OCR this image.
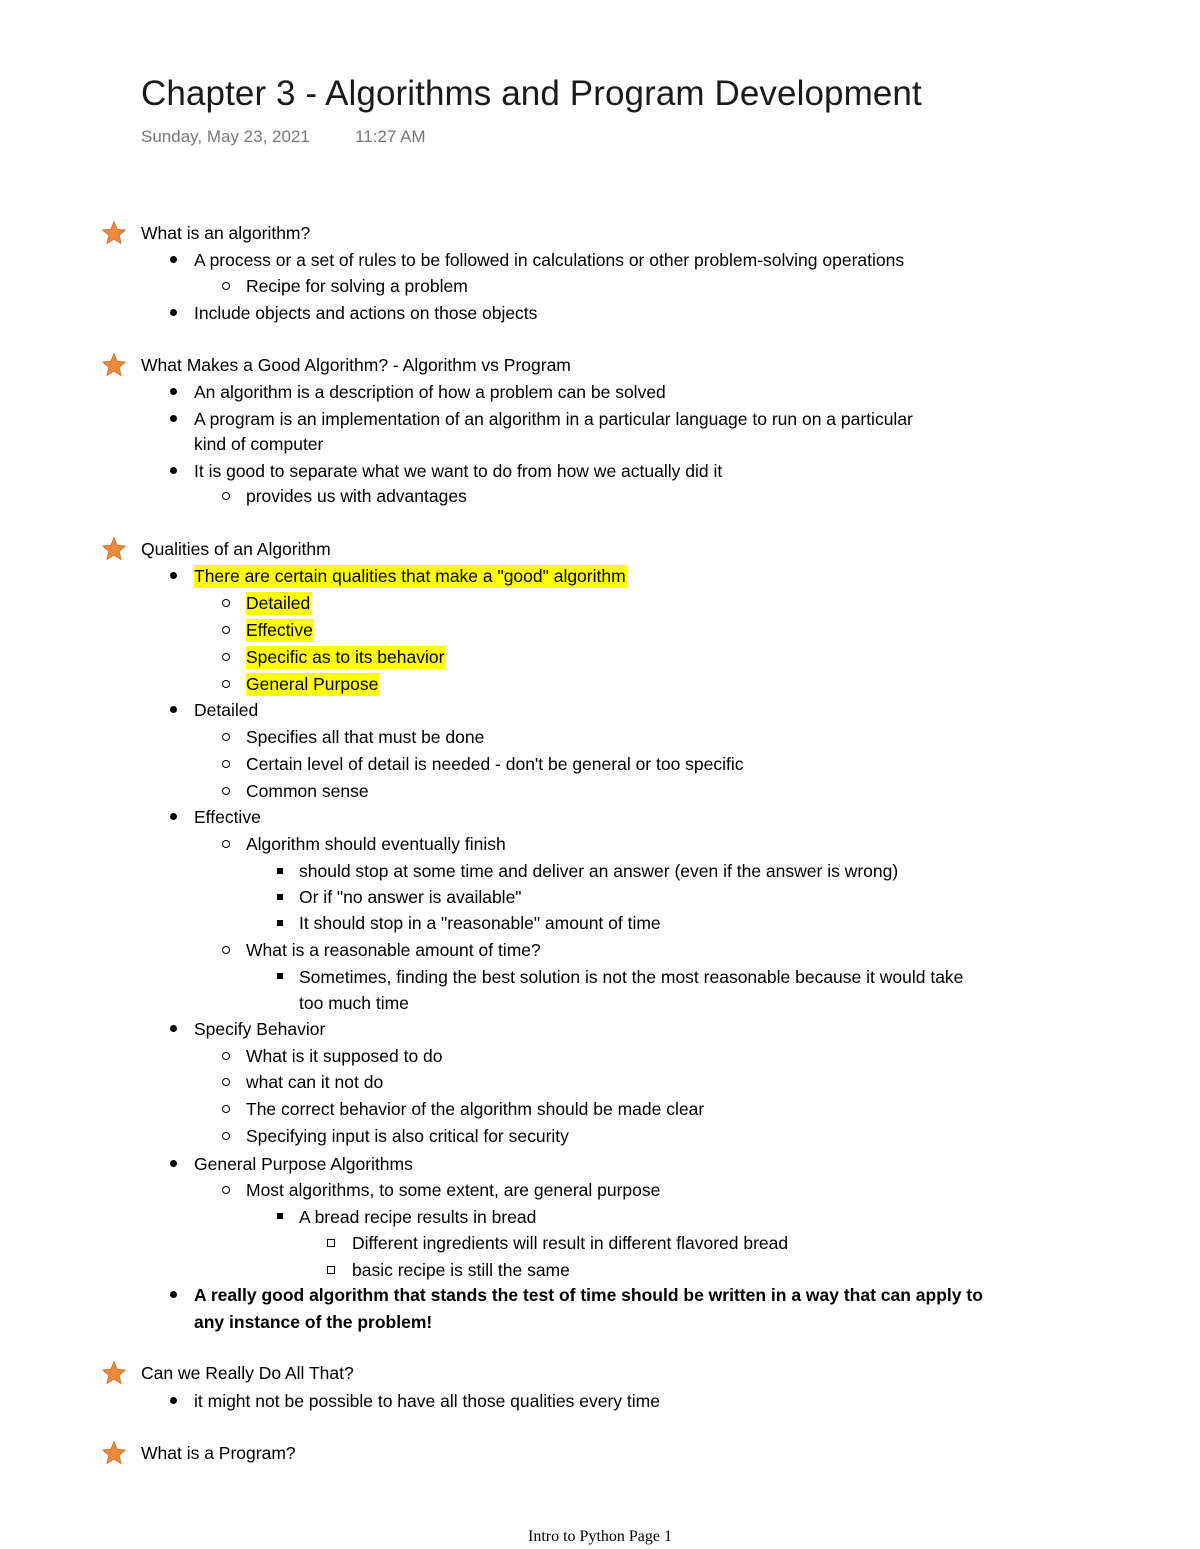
Chapter 3 - Algorithms and Program Development
Sunday, May 23, 2021	11:27 AM
What is an algorithm?
A process or a set of rules to be followed in calculations or other problem-solving operations
Recipe for solving a problem
Include objects and actions on those objects
What Makes a Good Algorithm? - Algorithm vs Program
An algorithm is a description of how a problem can be solved
A program is an implementation of an algorithm in a particular language to run on a particular
kind of computer
It is good to separate what we want to do from how we actually did it
provides us with advantages
Qualities of an Algorithm
There are certain qualities that make a "good" algorithm
Detailed
Effective
Specific as to its behavior
General Purpose
Detailed
Specifies all that must be done
Certain level of detail is needed - don't be general or too specific
Common sense
Effective
Algorithm should eventually finish
should stop at some time and deliver an answer (even if the answer is wrong)
Or if "no answer is available"
It should stop in a "reasonable" amount of time
What is a reasonable amount of time?
Sometimes, finding the best solution is not the most reasonable because it would take
too much time
Specify Behavior
What is it supposed to do
what can it not do
The correct behavior of the algorithm should be made clear
Specifying input is also critical for security
General Purpose Algorithms
Most algorithms, to some extent, are general purpose
A bread recipe results in bread
Different ingredients will result in different flavored bread
basic recipe is still the same
A really good algorithm that stands the test of time should be written in a way that can apply to
any instance of the problem!
Can we Really Do All That?
it might not be possible to have all those qualities every time
What is a Program?
Intro to Python Page 1
